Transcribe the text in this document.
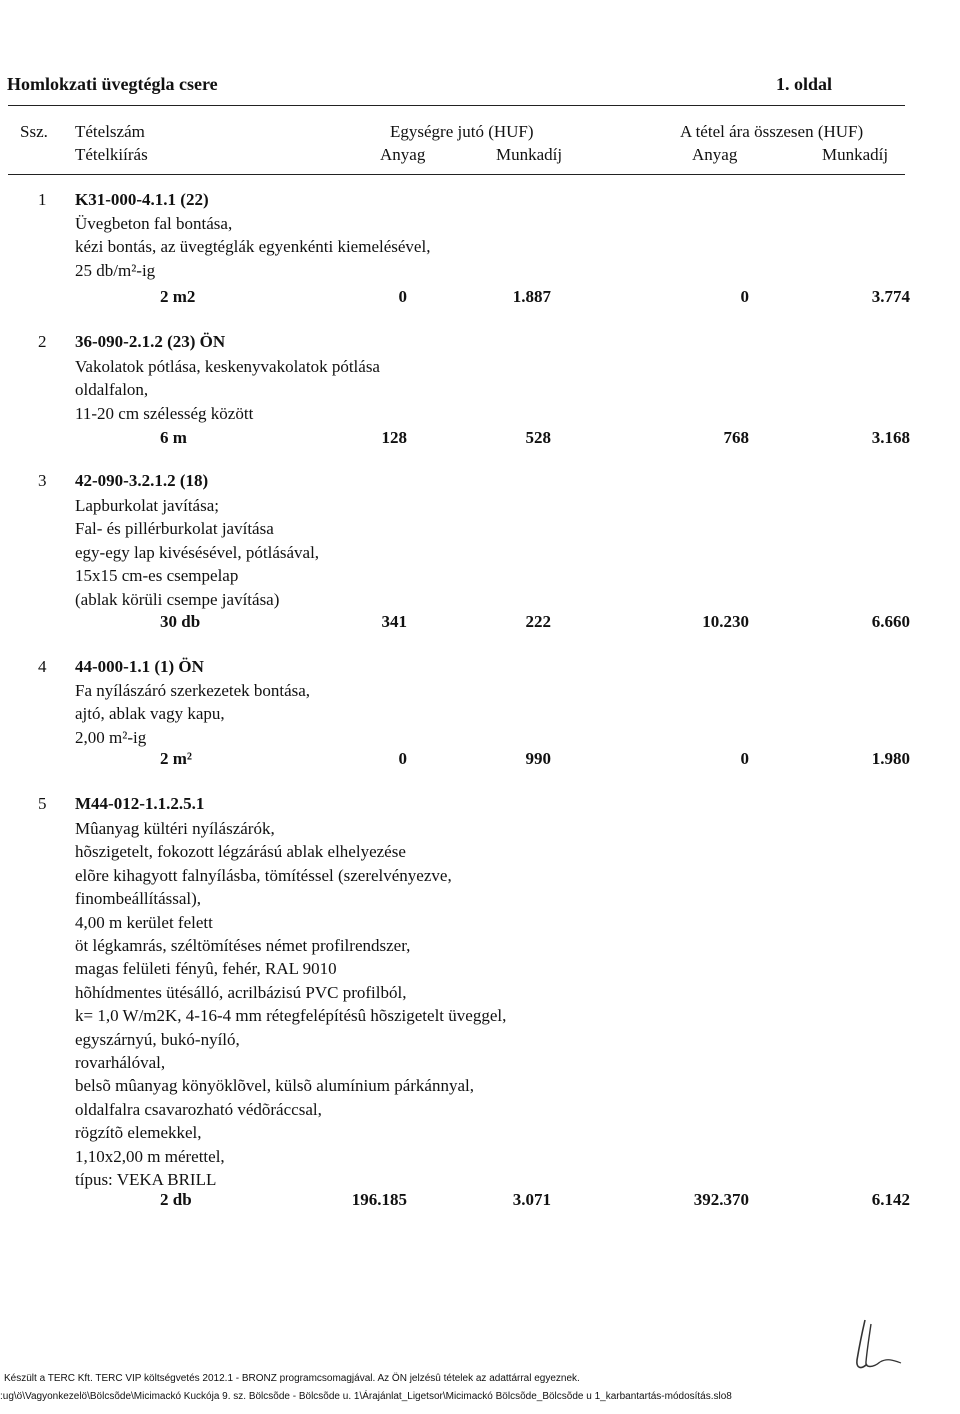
Homlokzati üvegtégla csere	1. oldal
Ssz. Tételszám
Tételkiírás
Egységre jutó (HUF)	A tétel ára összesen (HUF)
Anyag	Munkadíj	Anyag	Munkadíj
1 K31-000-4.1.1 (22)
Üvegbeton fal bontása,
kézi bontás, az üvegtéglák egyenkénti kiemelésével,
25 db/m²-ig
2 m2	0	1.887	0	3.774
2 36-090-2.1.2 (23) ÖN
Vakolatok pótlása, keskenyvakolatok pótlása
oldalfalon,
11-20 cm szélesség között
6 m	128	528	768	3.168
3 42-090-3.2.1.2 (18)
Lapburkolat javítása;
Fal- és pillérburkolat javítása
egy-egy lap kivésésével, pótlásával,
15x15 cm-es csempelap
(ablak körüli csempe javítása)
30 db	341	222	10.230	6.660
4 44-000-1.1 (1) ÖN
Fa nyílászáró szerkezetek bontása,
ajtó, ablak vagy kapu,
2,00 m²-ig
2 m²	0	990	0	1.980
5 M44-012-1.1.2.5.1
Mûanyag kültéri nyílászárók,
hõszigetelt, fokozott légzárású ablak elhelyezése
elõre kihagyott falnyílásba, tömítéssel (szerelvényezve,
finombeállítással),
4,00 m kerület felett
öt légkamrás, széltömítéses német profilrendszer,
magas felületi fényû, fehér, RAL 9010
hõhídmentes ütésálló, acrilbázisú PVC profilból,
k= 1,0 W/m2K, 4-16-4 mm rétegfelépítésû hõszigetelt üveggel,
egyszárnyú, bukó-nyíló,
rovarhálóval,
belsõ mûanyag könyöklõvel, külsõ alumínium párkánnyal,
oldalfalra csavarozható védõráccsal,
rögzítõ elemekkel,
1,10x2,00 m mérettel,
típus: VEKA BRILL
2 db	196.185	3.071	392.370	6.142
Készült a TERC Kft. TERC VIP költségvetés 2012.1 - BRONZ programcsomagjával. Az ÖN jelzésû tételek az adattárral egyeznek.
:ug\ö\Vagyonkezelö\Bölcsõde\Micimackó Kuckója 9. sz. Bölcsõde - Bölcsõde u. 1\Árajánlat_Ligetsor\Micimackó Bölcsõde_Bölcsõde u 1_karbantartás-módosítás.slo8
